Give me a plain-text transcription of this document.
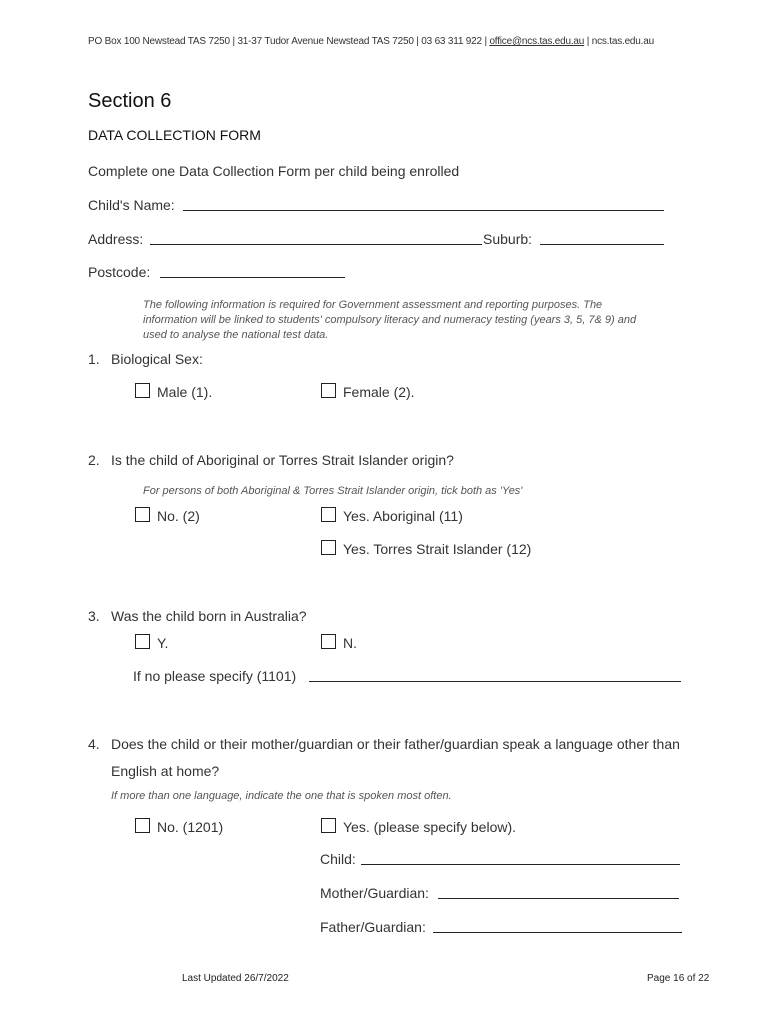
PO Box 100 Newstead TAS 7250 | 31-37 Tudor Avenue Newstead TAS 7250 | 03 63 311 922 | office@ncs.tas.edu.au | ncs.tas.edu.au
Section 6
DATA COLLECTION FORM
Complete one Data Collection Form per child being enrolled
Child's Name:
Address:	Suburb:
Postcode:
The following information is required for Government assessment and reporting purposes. The information will be linked to students' compulsory literacy and numeracy testing (years 3, 5, 7& 9) and used to analyse the national test data.
1. Biological Sex:
Male (1).	Female (2).
2. Is the child of Aboriginal or Torres Strait Islander origin?
For persons of both Aboriginal & Torres Strait Islander origin, tick both as 'Yes'
No. (2)	Yes. Aboriginal (11)
Yes. Torres Strait Islander (12)
3. Was the child born in Australia?
Y.	N.
If no please specify (1101)
4. Does the child or their mother/guardian or their father/guardian speak a language other than
English at home?
If more than one language, indicate the one that is spoken most often.
No. (1201)	Yes. (please specify below).
Child:
Mother/Guardian:
Father/Guardian:
Last Updated 26/7/2022	Page 16 of 22
